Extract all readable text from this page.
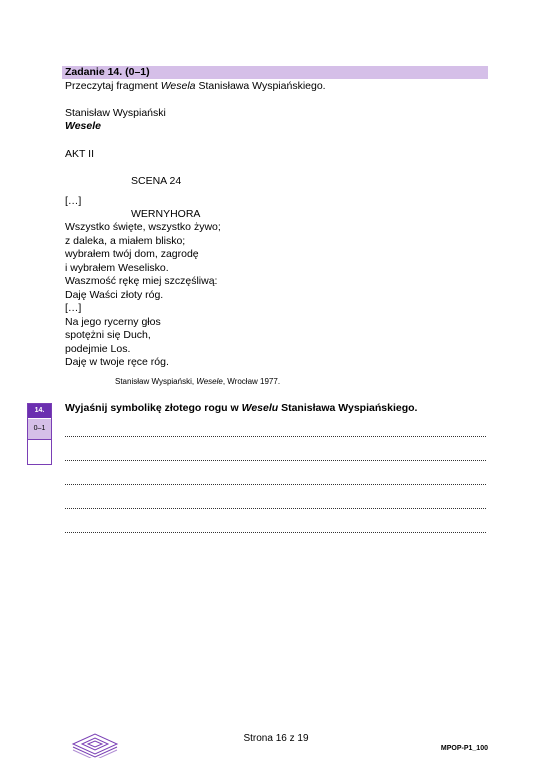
Zadanie 14. (0–1)
Przeczytaj fragment Wesela Stanisława Wyspiańskiego.
Stanisław Wyspiański
Wesele
AKT II
SCENA 24
[…]
WERNYHORA
Wszystko święte, wszystko żywo;
z daleka, a miałem blisko;
wybrałem twój dom, zagrodę
i wybrałem Weselisko.
Waszmość rękę miej szczęśliwą:
Daję Waści złoty róg.
[…]
Na jego rycerny głos
spotężni się Duch,
podejmie Los.
Daję w twoje ręce róg.
Stanisław Wyspiański, Wesele, Wrocław 1977.
14.
0–1
Wyjaśnij symbolikę złotego rogu w Weselu Stanisława Wyspiańskiego.
Strona 16 z 19
MPOP-P1_100
